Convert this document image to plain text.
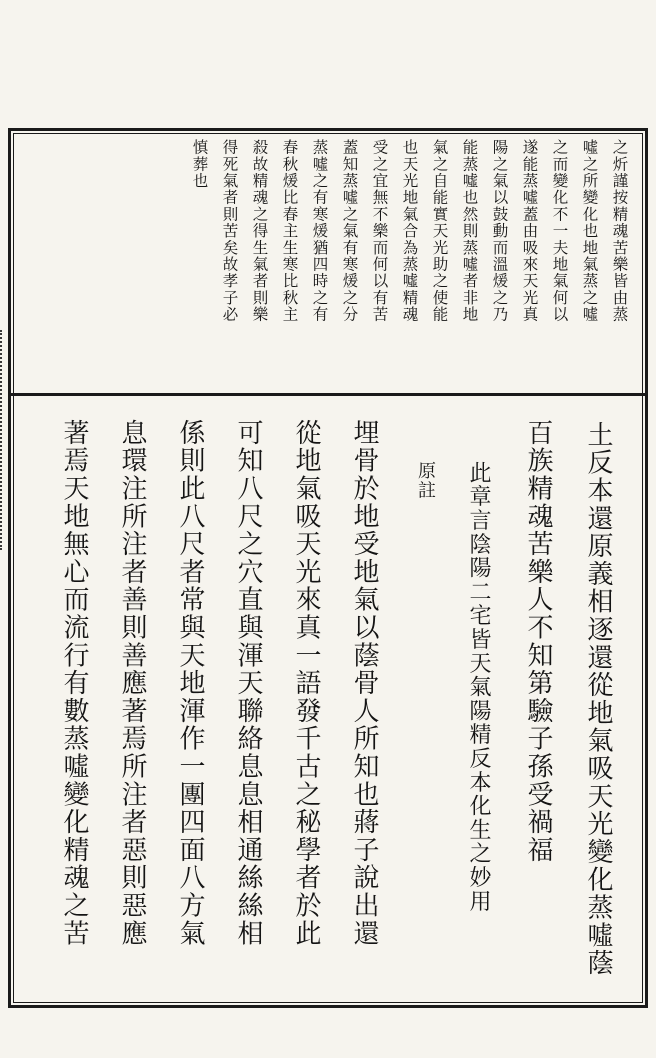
之炘謹按精魂苦樂皆由蒸
噓之所變化也地氣蒸之噓
之而變化不一夫地氣何以
遂能蒸噓蓋由吸來天光真
陽之氣以鼓動而溫煖之乃
能蒸噓也然則蒸噓者非地
氣之自能實天光助之使能
也天光地氣合為蒸噓精魂
受之宜無不樂而何以有苦
蓋知蒸噓之氣有寒煖之分
蒸噓之有寒煖猶四時之有
春秋煖比春主生寒比秋主
殺故精魂之得生氣者則樂
得死氣者則苦矣故孝子必
慎葬也
土反本還原義相逐還從地氣吸天光變化蒸噓蔭
百族精魂苦樂人不知第驗子孫受禍福
此章言陰陽二宅皆天氣陽精反本化生之妙用
原註
埋骨於地受地氣以蔭骨人所知也蔣子說出還
從地氣吸天光來真一語發千古之秘學者於此
可知八尺之穴直與渾天聯絡息息相通絲絲相
係則此八尺者常與天地渾作一團四面八方氣
息環注所注者善則善應著焉所注者惡則惡應
著焉天地無心而流行有數蒸噓變化精魂之苦
